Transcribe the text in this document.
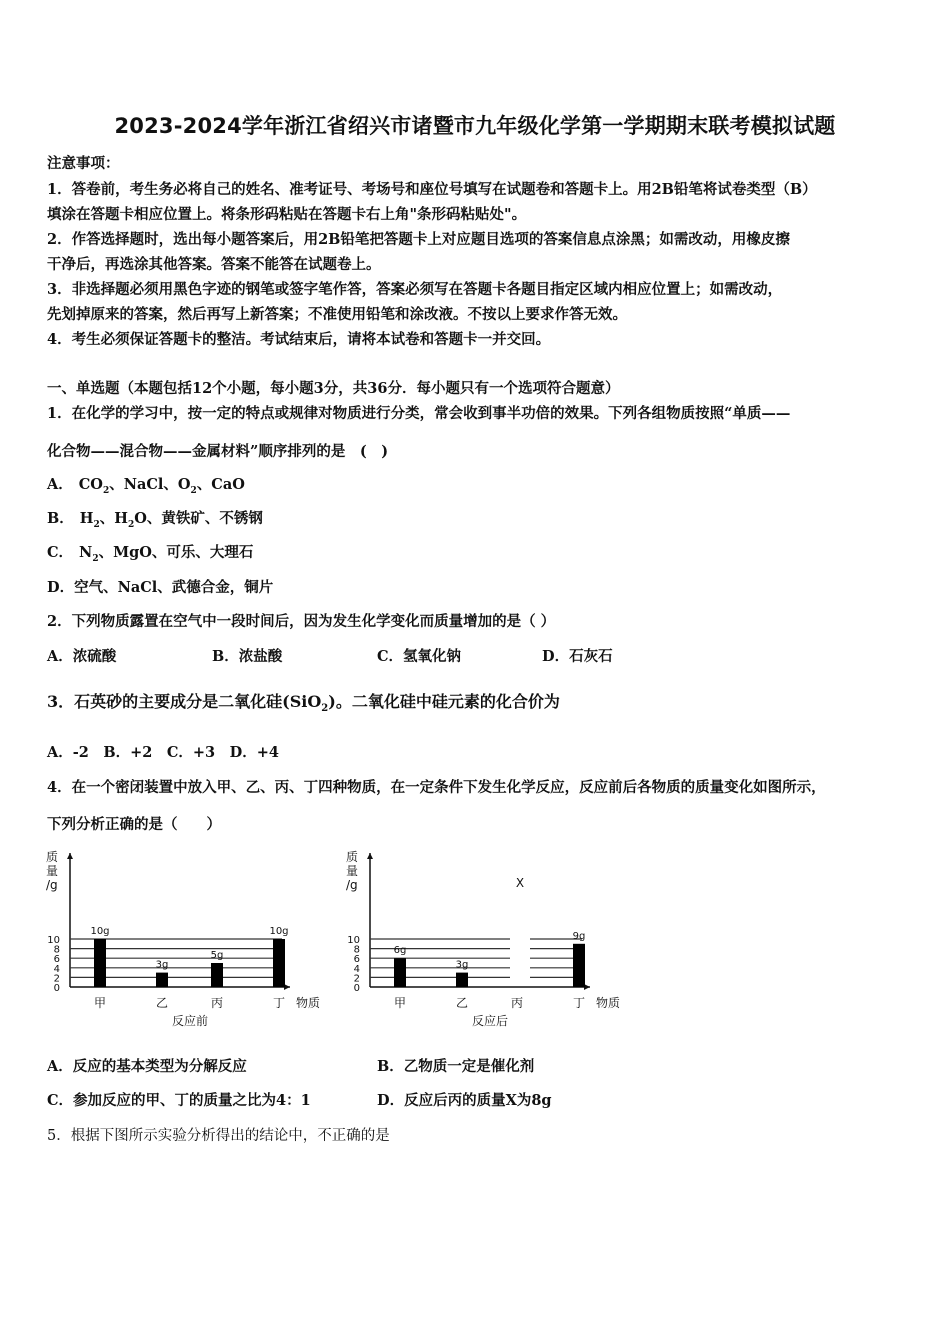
2023-2024学年浙江省绍兴市诸暨市九年级化学第一学期期末联考模拟试题
注意事项：
1．答卷前，考生务必将自己的姓名、准考证号、考场号和座位号填写在试题卷和答题卡上。用2B铅笔将试卷类型（B）
填涂在答题卡相应位置上。将条形码粘贴在答题卡右上角"条形码粘贴处"。
2．作答选择题时，选出每小题答案后，用2B铅笔把答题卡上对应题目选项的答案信息点涂黑；如需改动，用橡皮擦
干净后，再选涂其他答案。答案不能答在试题卷上。
3．非选择题必须用黑色字迹的钢笔或签字笔作答，答案必须写在答题卡各题目指定区域内相应位置上；如需改动，
先划掉原来的答案，然后再写上新答案；不准使用铅笔和涂改液。不按以上要求作答无效。
4．考生必须保证答题卡的整洁。考试结束后，请将本试卷和答题卡一并交回。
一、单选题（本题包括12个小题，每小题3分，共36分．每小题只有一个选项符合题意）
1．在化学的学习中，按一定的特点或规律对物质进行分类，常会收到事半功倍的效果。下列各组物质按照“单质——
化合物——混合物——金属材料”顺序排列的是　(　)
A． $CO_2$、NaCl、$O_2$、CaO
B． $H_2$、$H_2O$、黄铁矿、不锈钢
C． $N_2$、MgO、可乐、大理石
D．空气、NaCl、武德合金，铜片
2．下列物质露置在空气中一段时间后，因为发生化学变化而质量增加的是（ ）
A．浓硫酸	B．浓盐酸	C．氢氧化钠	D．石灰石
3．石英砂的主要成分是二氧化硅(SiO$_2$)。二氧化硅中硅元素的化合价为
A．-2　B．+2　C．+3　D．+4
4．在一个密闭装置中放入甲、乙、丙、丁四种物质，在一定条件下发生化学反应，反应前后各物质的质量变化如图所示，
下列分析正确的是（　　）
质
量
/g
0
2
4
6
8
10
10g
甲
3g
乙
5g
丙
10g
丁 物质
反应前
质
量
/g
0
2
4
6
8
10
6g
甲
3g
乙
X
丙
9g
丁 物质
反应后
A．反应的基本类型为分解反应	B．乙物质一定是催化剂
C．参加反应的甲、丁的质量之比为4：1	D．反应后丙的质量X为8g
5．根据下图所示实验分析得出的结论中，不正确的是
